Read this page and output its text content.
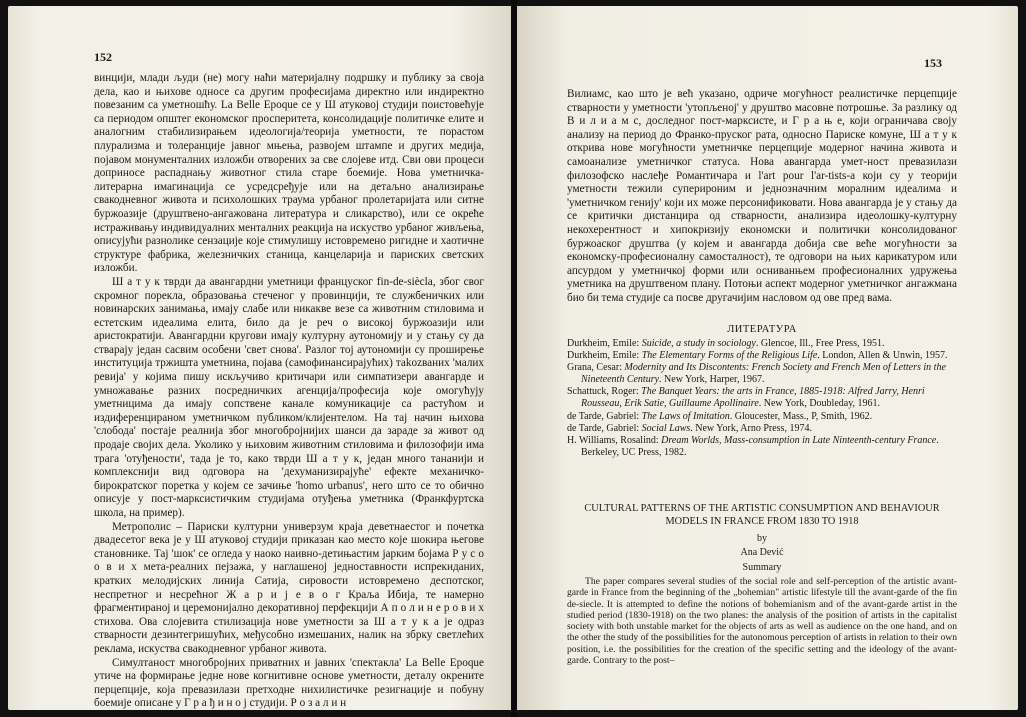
152

винцији, млади људи (не) могу наћи материјалну подршку и публику за своја дела, као и њихове односе са другим професијама директно или индиректно повезаним са уметношћу. La Belle Epoque се у Ш атуковој студији поистовећује са периодом општег економског просперитета, консолидације политичке елите и аналогним стабилизирањем идеологија/теорија уметности, те порастом плурализма и толеранције јавног мњења, развојем штампе и других медија, појавом монументалних изложби отворених за све слојеве итд. Сви ови процеси доприносе распаднању животног стила старе боемије. Нова уметничка-литерарна имагинација се усредсређује или на детаљно анализирање свакодневног живота и психолошких траума урбаног пролетаријата или ситне буржоазије (друштвено-ангажована литература и сликарство), или се окреће истраживању индивидуалних менталних реакција на искуство урбаног живљења, описујући разноликe сензације које стимулишу истовремено ригидне и хаотичне структуре фабрика, железничких станица, канцеларија и париских светских изложби.

Ш а т у к тврди да авангардни уметници француског fin-de-siècla, због свог скромног порекла, образовања стеченог у провинцији, те службеничких или новинарских занимања, имају слабе или никакве везе са животним стиловима и естетским идеалима елита, било да је реч о високој буржоазији или аристократији. Авангардни кругови имају културну аутономију и у стању су да стварају један сасвим особени 'свет снова'. Разлог тој аутономији су проширење институција тржишта уметнина, појава (самофинансирајућих) таkozваних 'малих ревија' у којима пишу искључиво критичари или симпатизери авангарде и умножавање разних посредничких агенција/професија које омогућују уметницима да имају сопствене канале комуникације са растућом и издиференцираном уметничком публиком/клијентелом. На тај начин њихова 'слобода' постаје реалнија због многобројнијих шанси да зараде за живот од продаје својих дела. Уколико у њиховим животним стиловима и филозофији има трага 'отуђености', тада је то, како тврди Ш а т у к, један много тананији и комплекснији вид одговора на 'дехуманизирајуће' ефекте механичко-бирократског поретка у којем се зачиње 'homo urbanus', него што се то обично описује у пост-марксистичким студијама отуђења уметника (Франкфуртска школа, на пример).

Метрополис – Париски културни универзум краја деветнаестог и почетка двадесетог века је у Ш атуковој студији приказан као место које шокира његове становнике. Тај 'шок' се огледа у наоко наивно-детињастим јарким бојама Р у с о о в и х мета-реалних пејзажа, у наглашеној једноставности испрекиданих, кратких мелодијских линија Сатија, сирoвости истовремено деспотског, неспретног и несрећног Ж а р и ј е в о г Краља Ибија, те намерно фрагментираној и церемонијално декоративној перфекцији А п о л и н е р о в и х стихова. Ова слојевита стилизација нове уметности за Ш а т у к а је одраз стварности дезинтегришућих, међусобно измешаних, налик на збрку светлећих реклама, искуства свакодневног урбаног живота.

Симултаност многобројних приватних и јавних 'спектакла' La Belle Epoque утиче на формирање једне нове когнитивне основе уметности, деталу окрените перцепције, која превазилази претходне нихилистичке резигнације и побуну боемије описане у Г р а ђ и н о ј студији. Р о з а л и н

153

Вилиамс, као што је већ указано, одриче могућност реалистичке перцепције стварности у уметности 'утопљеној' у друштво масовне потрошње. За разлику од В и л и а м с, доследног пост-марксисте, и Г р а њ е, који ограничава своју анализу на период до Франко-пруског рата, односно Париске комуне, Ш а т у к открива нове могућности уметничке перцепције модерног начина живота и самоанализе уметничког статуса. Нова авангарда умет-ност превазилази филозофско наслеђе Романтичара и l'art pour l'ar-tists-а који су у теорији уметности тежили суперироним и једнозначним моралним идеалима и 'уметничком генију' који их може персонификовати. Нова авангарда је у стању да се критички дистанцира од стварности, анализира идеолошку-културну некохерентност и хипокризију економски и политички консолидованог буржоаског друштва (у којем и авангарда добија све веће могућности за економску-професионалну самосталност), те одговори на њих карикатуром или апсурдом у уметничкој форми или осниванњем професионалних удружења уметника на друштвеном плану. Потоњи аспект модерног уметничког ангажмана био би тема студије са посве другачијим насловом од ове пред вама.

ЛИТЕРАТУРА

Durkheim, Emile: Suicide, a study in sociology. Glencoe, Ill., Free Press, 1951.

Durkheim, Emile: The Elementary Forms of the Religious Life. London, Allen & Unwin, 1957.

Grana, Cesar: Modernity and Its Discontents: French Society and French Men of Letters in the Nineteenth Century. New York, Harper, 1967.

Schattuck, Roger: The Banquet Years: the arts in France, 1885-1918: Alfred Jarry, Henri Rousseau, Erik Satie, Guillaume Apollinaire. New York, Doubleday, 1961.

de Tarde, Gabriel: The Laws of Imitation. Gloucester, Mass., P, Smith, 1962.

de Tarde, Gabriel: Social Laws. New York, Arno Press, 1974.

H. Williams, Rosalind: Dream Worlds, Mass-consumption in Late Ninteenth-century France. Berkeley, UC Press, 1982.

CULTURAL PATTERNS OF THE ARTISTIC CONSUMPTION AND BEHAVIOUR MODELS IN FRANCE FROM 1830 TO 1918
by
Ana Dević
Summary

The paper compares several studies of the social role and self-perception of the artistic avant-garde in France from the beginning of the „bohemian" artistic lifestyle till the avant-garde of the fin de-siecle. It is attempted to define the notions of bohemianism and of the avant-garde artist in the studied period (1830-1918) on the two planes: the analysis of the position of artists in the capitalist society with both unstable market for the objects of arts as well as audience on the one hand, and on the other the study of the possibilities for the autonomous perception of artists in relation to their own position, i.e. the possibilities for the creation of the specific setting and the ideology of the avant-garde. Contrary to the post–
